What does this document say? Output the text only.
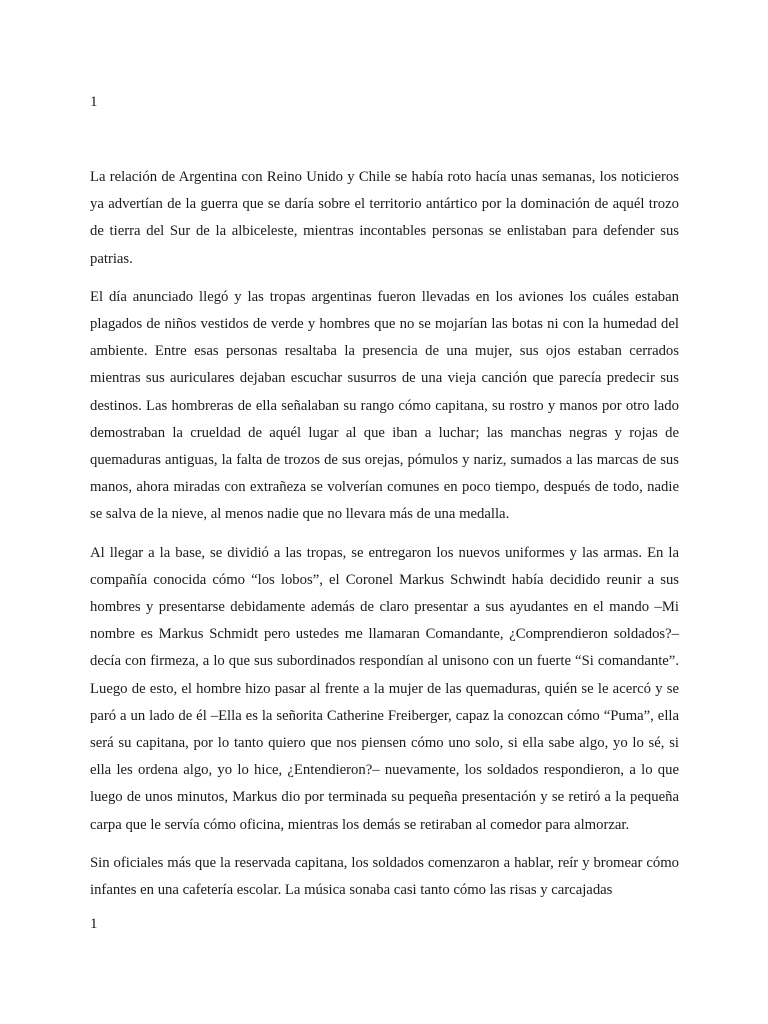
1

La relación de Argentina con Reino Unido y Chile se había roto hacía unas semanas, los noticieros ya advertían de la guerra que se daría sobre el territorio antártico por la dominación de aquél trozo de tierra del Sur de la albiceleste, mientras incontables personas se enlistaban para defender sus patrias.

El día anunciado llegó y las tropas argentinas fueron llevadas en los aviones los cuáles estaban plagados de niños vestidos de verde y hombres que no se mojarían las botas ni con la humedad del ambiente. Entre esas personas resaltaba la presencia de una mujer, sus ojos estaban cerrados mientras sus auriculares dejaban escuchar susurros de una vieja canción que parecía predecir sus destinos. Las hombreras de ella señalaban su rango cómo capitana, su rostro y manos por otro lado demostraban la crueldad de aquél lugar al que iban a luchar; las manchas negras y rojas de quemaduras antiguas, la falta de trozos de sus orejas, pómulos y nariz, sumados a las marcas de sus manos, ahora miradas con extrañeza se volverían comunes en poco tiempo, después de todo, nadie se salva de la nieve, al menos nadie que no llevara más de una medalla.

Al llegar a la base, se dividió a las tropas, se entregaron los nuevos uniformes y las armas. En la compañía conocida cómo “los lobos”, el Coronel Markus Schwindt había decidido reunir a sus hombres y presentarse debidamente además de claro presentar a sus ayudantes en el mando –Mi nombre es Markus Schmidt pero ustedes me llamaran Comandante, ¿Comprendieron soldados?– decía con firmeza, a lo que sus subordinados respondían al unisono con un fuerte “Si comandante”. Luego de esto, el hombre hizo pasar al frente a la mujer de las quemaduras, quién se le acercó y se paró a un lado de él –Ella es la señorita Catherine Freiberger, capaz la conozcan cómo “Puma”, ella será su capitana, por lo tanto quiero que nos piensen cómo uno solo, si ella sabe algo, yo lo sé, si ella les ordena algo, yo lo hice, ¿Entendieron?– nuevamente, los soldados respondieron, a lo que luego de unos minutos, Markus dio por terminada su pequeña presentación y se retiró a la pequeña carpa que le servía cómo oficina, mientras los demás se retiraban al comedor para almorzar.

Sin oficiales más que la reservada capitana, los soldados comenzaron a hablar, reír y bromear cómo infantes en una cafetería escolar. La música sonaba casi tanto cómo las risas y carcajadas

1
